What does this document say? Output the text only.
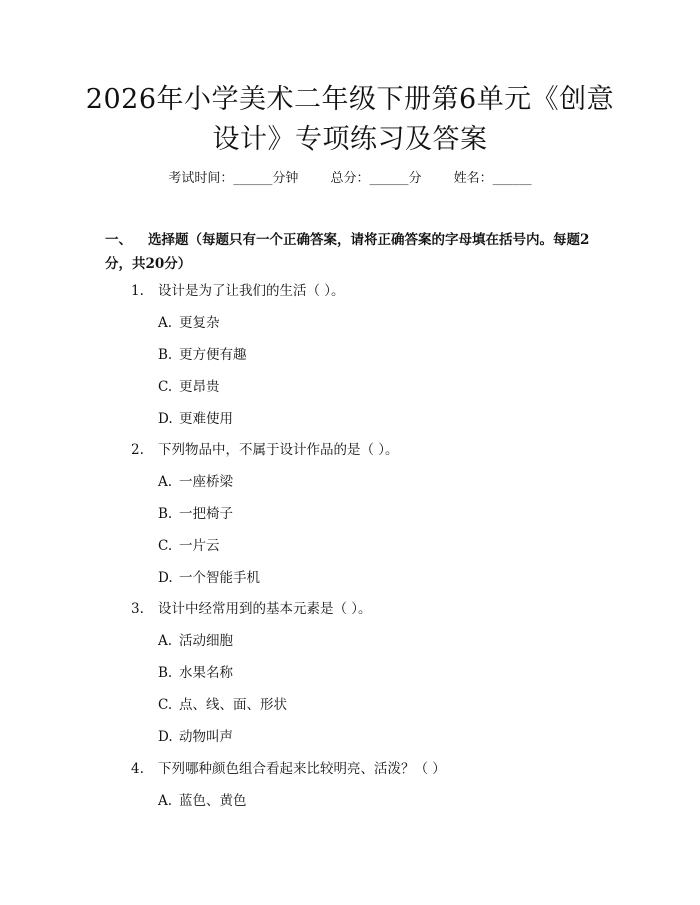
2026年小学美术二年级下册第6单元《创意
设计》专项练习及答案
考试时间：______分钟 总分：______分 姓名：______
一、 选择题（每题只有一个正确答案，请将正确答案的字母填在括号内。每题2分，共20分）
1. 设计是为了让我们的生活（ ）。
A. 更复杂
B. 更方便有趣
C. 更昂贵
D. 更难使用
2. 下列物品中，不属于设计作品的是（ ）。
A. 一座桥梁
B. 一把椅子
C. 一片云
D. 一个智能手机
3. 设计中经常用到的基本元素是（ ）。
A. 活动细胞
B. 水果名称
C. 点、线、面、形状
D. 动物叫声
4. 下列哪种颜色组合看起来比较明亮、活泼？（ ）
A. 蓝色、黄色
